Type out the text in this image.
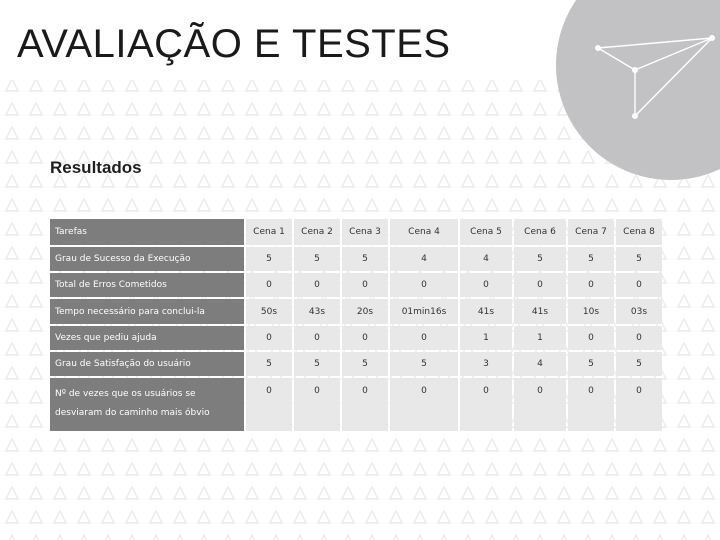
AVALIAÇÃO E TESTES
Resultados
Tarefas	Cena 1	Cena 2	Cena 3	Cena 4	Cena 5	Cena 6	Cena 7	Cena 8
Grau de Sucesso da Execução	5	5	5	4	4	5	5	5
Total de Erros Cometidos	0	0	0	0	0	0	0	0
Tempo necessário para conclui-la	50s	43s	20s	01min16s	41s	41s	10s	03s
Vezes que pediu ajuda	0	0	0	0	1	1	0	0
Grau de Satisfação do usuário	5	5	5	5	3	4	5	5
Nº de vezes que os usuários se desviaram do caminho mais óbvio	0	0	0	0	0	0	0	0
